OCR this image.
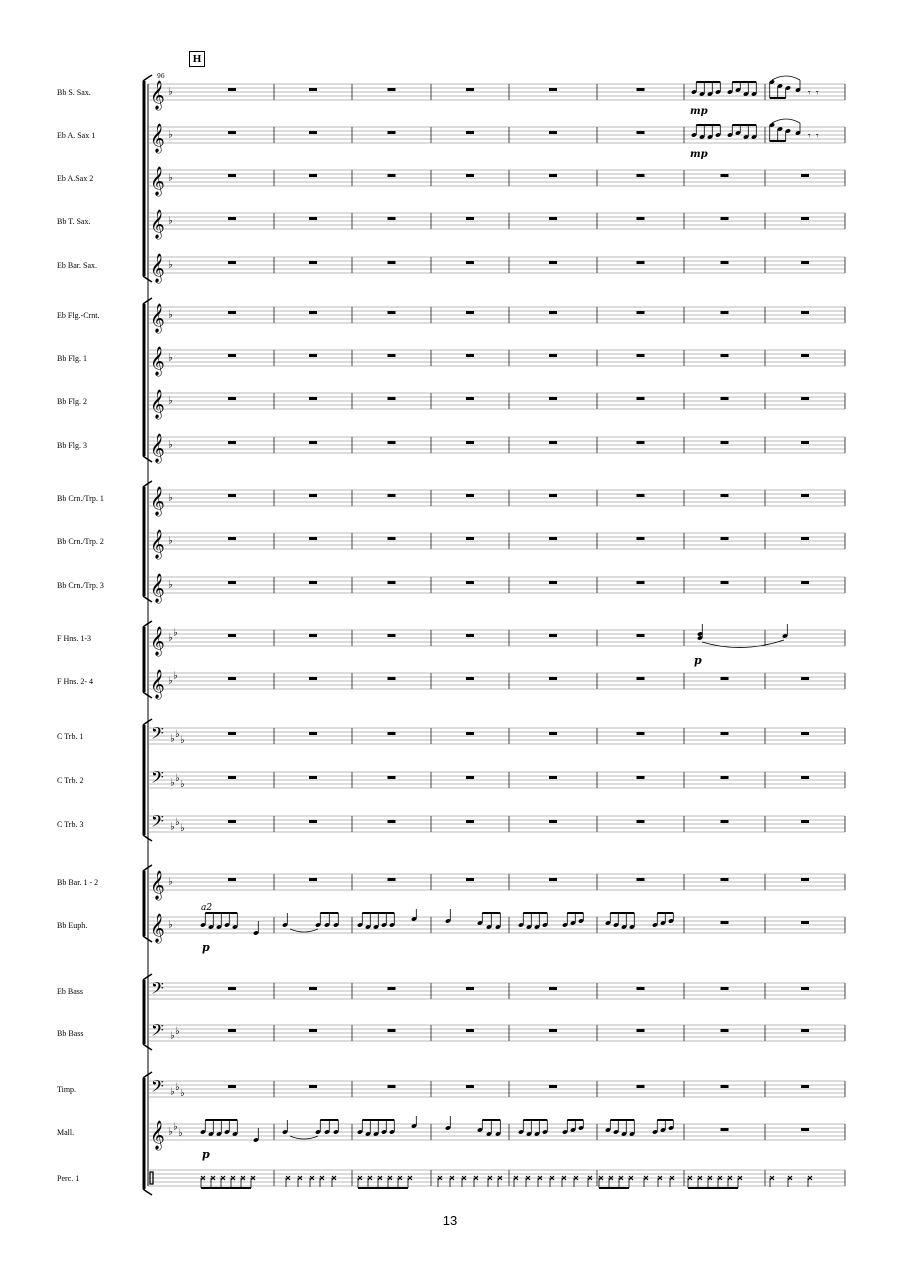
96
Bb S. Sax. 𝄞 ♭
Eb A. Sax 1 𝄞 ♭
Eb A.Sax 2 𝄞 ♭
Bb T. Sax. 𝄞 ♭
Eb Bar. Sax. 𝄞 ♭
Eb Flg.-Crnt. 𝄞 ♭
Bb Flg. 1	𝄞 ♭
Bb Flg. 2	𝄞 ♭
Bb Flg. 3	𝄞 ♭
Bb Crn./Trp. 1 𝄞 ♭
Bb Crn./Trp. 2 𝄞 ♭
Bb Crn./Trp. 3 𝄞 ♭
F Hns. 1-3 𝄞 ♭ ♭
F Hns. 2- 4 𝄞 ♭ ♭
C Trb. 1	𝄢 ♭ ♭
♭
C Trb. 2	𝄢 ♭ ♭
♭
C Trb. 3	𝄢 ♭ ♭
♭
Bb Bar. 1 - 2 𝄞 ♭
Bb Euph.	𝄞 ♭
Eb Bass	𝄢
Bb Bass	𝄢 ♭ ♭
Timp.	𝄢 ♭ ♭
♭
Mall.	𝄞 ♭ ♭
♭
Perc. 1
𝄾 𝄾
𝄾 𝄾
mp
mp
p
p
a2
p
H
13
